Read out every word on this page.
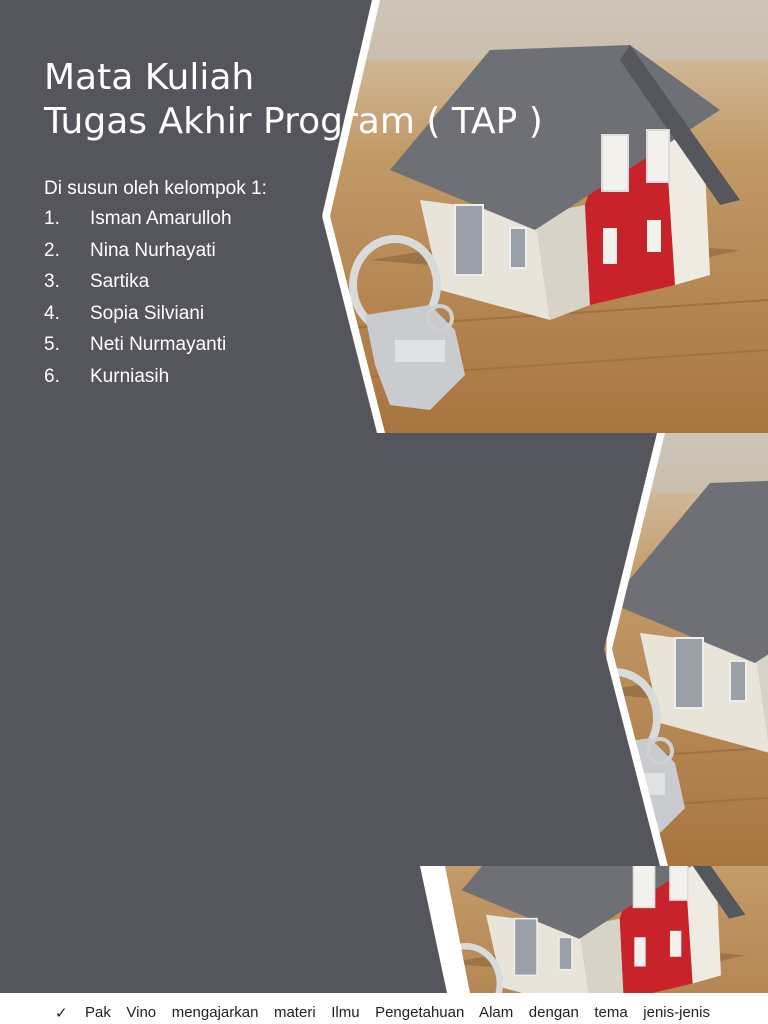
Mata Kuliah
Tugas Akhir Program ( TAP )
Di susun oleh kelompok 1:
1.	Isman Amarulloh
2.	Nina Nurhayati
3.	Sartika
4.	Sopia Silviani
5.	Neti Nurmayanti
6.	Kurniasih

✓	Pak Vino mengajarkan materi Ilmu Pengetahuan Alam dengan tema jenis-jenis
